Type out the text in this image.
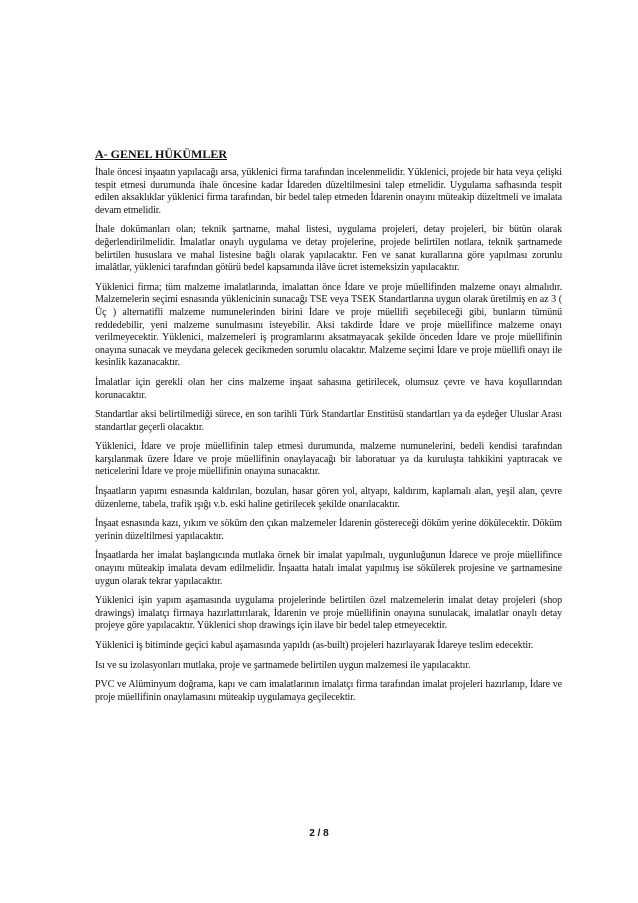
A- GENEL HÜKÜMLER
İhale öncesi inşaatın yapılacağı arsa, yüklenici firma tarafından incelenmelidir. Yüklenici, projede bir hata veya çelişki tespit etmesi durumunda ihale öncesine kadar İdareden düzeltilmesini talep etmelidir. Uygulama safhasında tespit edilen aksaklıklar yüklenici firma tarafından, bir bedel talep etmeden İdarenin onayını müteakip düzeltmeli ve imalata devam etmelidir.
İhale dokümanları olan; teknik şartname, mahal listesi, uygulama projeleri, detay projeleri, bir bütün olarak değerlendirilmelidir. İmalatlar onaylı uygulama ve detay projelerine, projede belirtilen notlara, teknik şartnamede belirtilen hususlara ve mahal listesine bağlı olarak yapılacaktır. Fen ve sanat kurallarına göre yapılması zorunlu imalâtlar, yüklenici tarafından götürü bedel kapsamında ilâve ücret istemeksizin yapılacaktır.
Yüklenici firma; tüm malzeme imalatlarında, imalattan önce İdare ve proje müellifinden malzeme onayı almalıdır. Malzemelerin seçimi esnasında yüklenicinin sunacağı TSE veya TSEK Standartlarına uygun olarak üretilmiş en az 3 ( Üç ) alternatifli malzeme numunelerinden birini İdare ve proje müellifi seçebileceği gibi, bunların tümünü reddedebilir, yeni malzeme sunulmasını isteyebilir. Aksi takdirde İdare ve proje müellifince malzeme onayı verilmeyecektir. Yüklenici, malzemeleri iş programlarını aksatmayacak şekilde önceden İdare ve proje müellifinin onayına sunacak ve meydana gelecek gecikmeden sorumlu olacaktır. Malzeme seçimi İdare ve proje müellifi onayı ile kesinlik kazanacaktır.
İmalatlar için gerekli olan her cins malzeme inşaat sahasına getirilecek, olumsuz çevre ve hava koşullarından korunacaktır.
Standartlar aksi belirtilmediği sürece, en son tarihli Türk Standartlar Enstitüsü standartları ya da eşdeğer Uluslar Arası standartlar geçerli olacaktır.
Yüklenici, İdare ve proje müellifinin talep etmesi durumunda, malzeme numunelerini, bedeli kendisi tarafından karşılanmak üzere İdare ve proje müellifinin onaylayacağı bir laboratuar ya da kuruluşta tahkikini yaptıracak ve neticelerini İdare ve proje müellifinin onayına sunacaktır.
İnşaatların yapımı esnasında kaldırılan, bozulan, hasar gören yol, altyapı, kaldırım, kaplamalı alan, yeşil alan, çevre düzenleme, tabela, trafik ışığı v.b. eski haline getirilecek şekilde onarılacaktır.
İnşaat esnasında kazı, yıkım ve söküm den çıkan malzemeler İdarenin göstereceği döküm yerine dökülecektir. Döküm yerinin düzeltilmesi yapılacaktır.
İnşaatlarda her imalat başlangıcında mutlaka örnek bir imalat yapılmalı, uygunluğunun İdarece ve proje müellifince onayını müteakip imalata devam edilmelidir. İnşaatta hatalı imalat yapılmış ise sökülerek projesine ve şartnamesine uygun olarak tekrar yapılacaktır.
Yüklenici işin yapım aşamasında uygulama projelerinde belirtilen özel malzemelerin imalat detay projeleri (shop drawings) imalatçı firmaya hazırlattırılarak, İdarenin ve proje müellifinin onayına sunulacak, imalatlar onaylı detay projeye göre yapılacaktır. Yüklenici shop drawings için ilave bir bedel talep etmeyecektir.
Yüklenici iş bitiminde geçici kabul aşamasında yapıldı (as-built) projeleri hazırlayarak İdareye teslim edecektir.
Isı ve su izolasyonları mutlaka, proje ve şartnamede belirtilen uygun malzemesi ile yapılacaktır.
PVC ve Alüminyum doğrama, kapı ve cam imalatlarının imalatçı firma tarafından imalat projeleri hazırlanıp, İdare ve proje müellifinin onaylamasını müteakip uygulamaya geçilecektir.
2 / 8
